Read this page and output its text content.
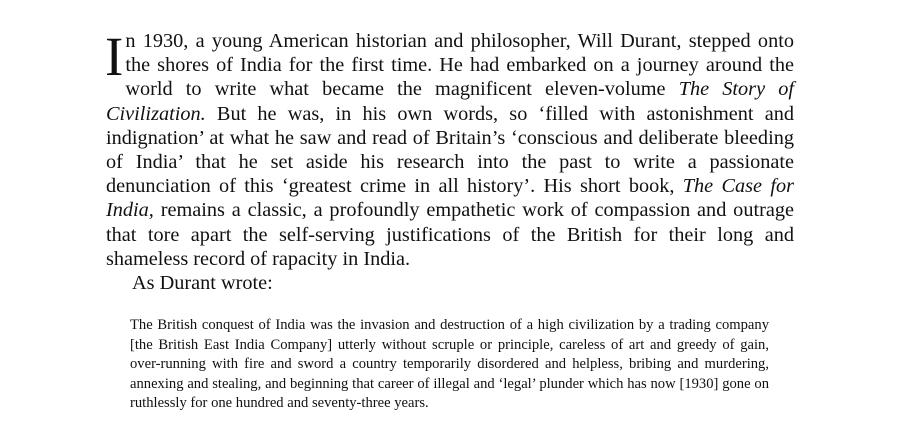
In 1930, a young American historian and philosopher, Will Durant, stepped onto the shores of India for the first time. He had embarked on a journey around the world to write what became the magnificent eleven-volume The Story of Civilization. But he was, in his own words, so ‘filled with astonishment and indignation’ at what he saw and read of Britain’s ‘conscious and deliberate bleeding of India’ that he set aside his research into the past to write a passionate denunciation of this ‘greatest crime in all history’. His short book, The Case for India, remains a classic, a profoundly empathetic work of compassion and outrage that tore apart the self-serving justifications of the British for their long and shameless record of rapacity in India.

As Durant wrote:

The British conquest of India was the invasion and destruction of a high civilization by a trading company [the British East India Company] utterly without scruple or principle, careless of art and greedy of gain, over-running with fire and sword a country temporarily disordered and helpless, bribing and murdering, annexing and stealing, and beginning that career of illegal and ‘legal’ plunder which has now [1930] gone on ruthlessly for one hundred and seventy-three years.
